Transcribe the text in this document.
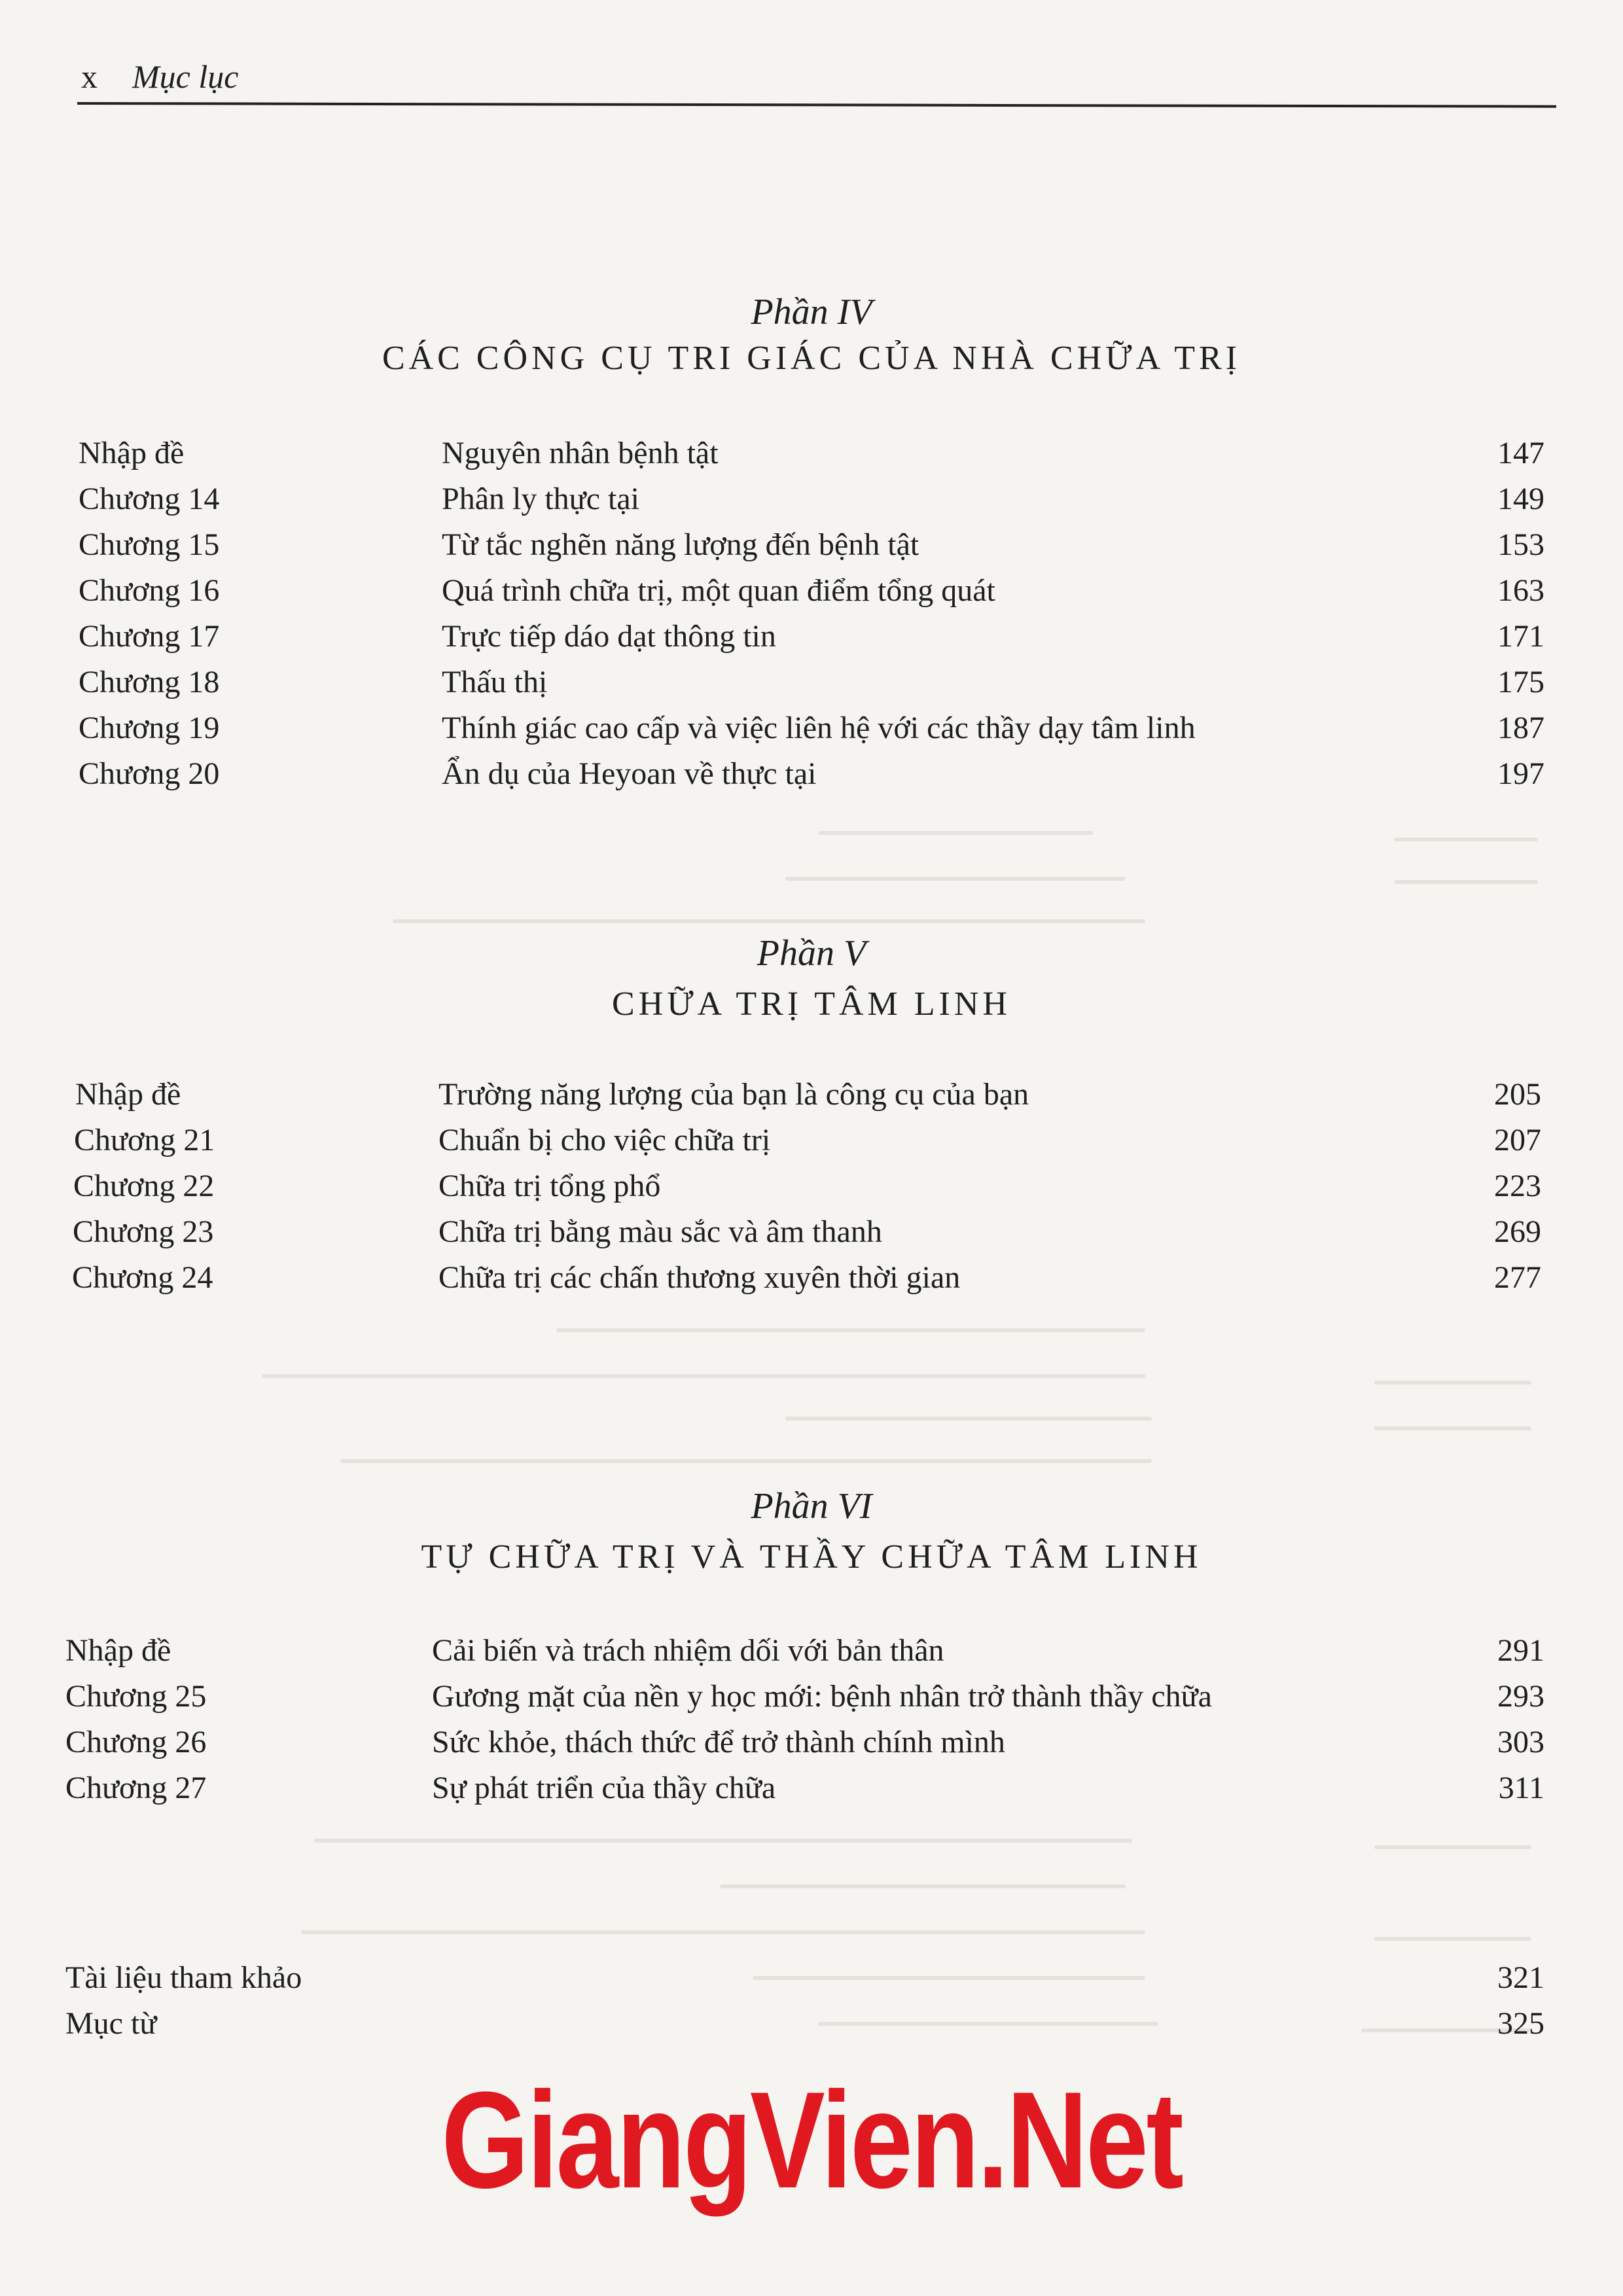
x Mục lục
Phần IV
CÁC CÔNG CỤ TRI GIÁC CỦA NHÀ CHỮA TRỊ
Nhập đề	Nguyên nhân bệnh tật	147
Chương 14	Phân ly thực tại	149
Chương 15	Từ tắc nghẽn năng lượng đến bệnh tật	153
Chương 16	Quá trình chữa trị, một quan điểm tổng quát	163
Chương 17	Trực tiếp dáo dạt thông tin	171
Chương 18	Thấu thị	175
Chương 19	Thính giác cao cấp và việc liên hệ với các thầy dạy tâm linh	187
Chương 20	Ẩn dụ của Heyoan về thực tại	197
Phần V
CHỮA TRỊ TÂM LINH
Nhập đề	Trường năng lượng của bạn là công cụ của bạn	205
Chương 21	Chuẩn bị cho việc chữa trị	207
Chương 22	Chữa trị tổng phổ	223
Chương 23	Chữa trị bằng màu sắc và âm thanh	269
Chương 24	Chữa trị các chấn thương xuyên thời gian	277
Phần VI
TỰ CHỮA TRỊ VÀ THẦY CHỮA TÂM LINH
Nhập đề	Cải biến và trách nhiệm dối với bản thân	291
Chương 25	Gương mặt của nền y học mới: bệnh nhân trở thành thầy chữa	293
Chương 26	Sức khỏe, thách thức để trở thành chính mình	303
Chương 27	Sự phát triển của thầy chữa	311
Tài liệu tham khảo	321
Mục từ	325
GiangVien.Net
